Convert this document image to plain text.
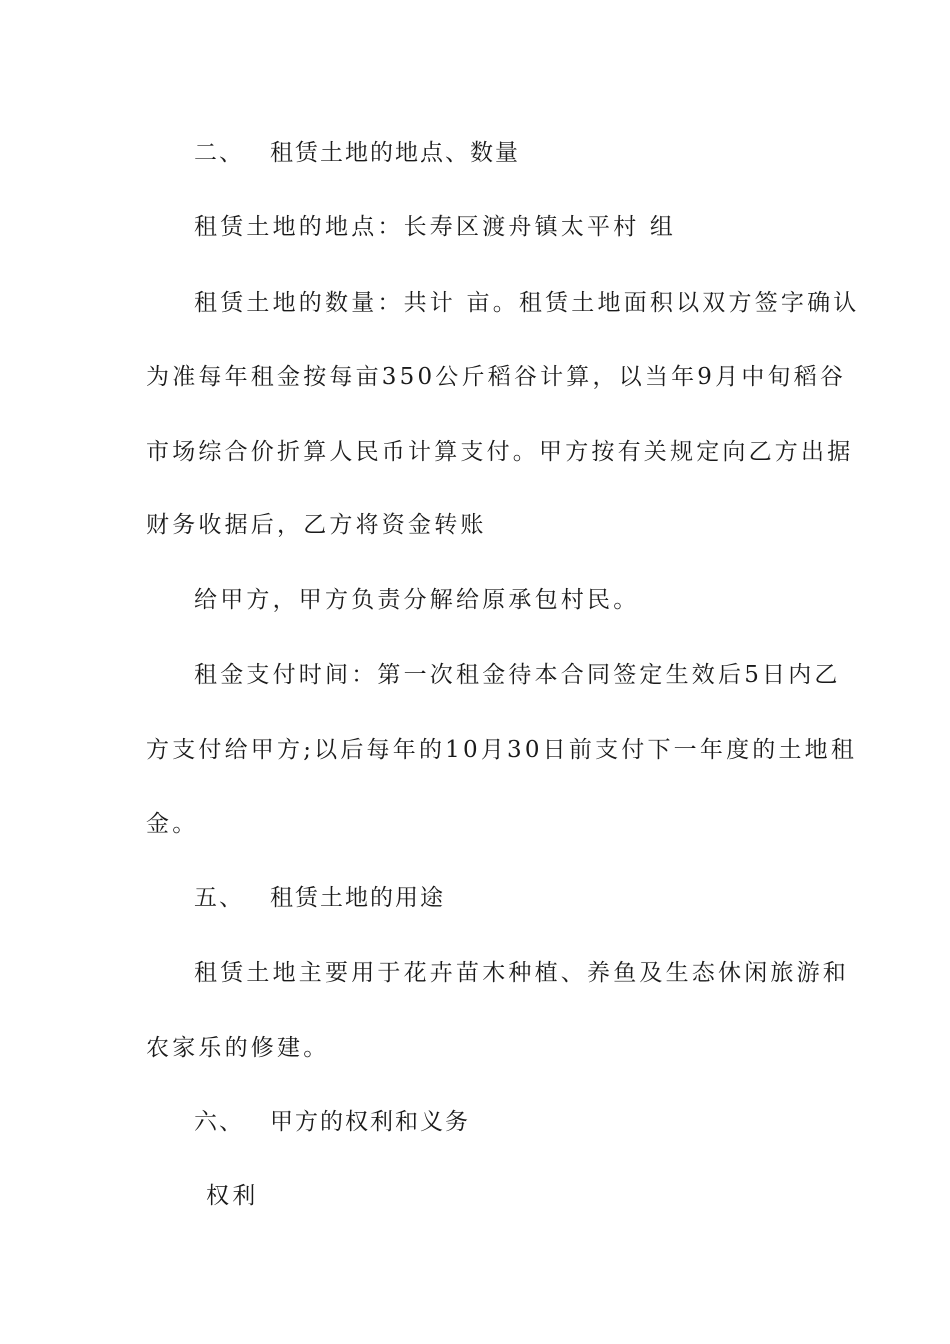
二、 租赁土地的地点、数量
租赁土地的地点：长寿区渡舟镇太平村 组
租赁土地的数量：共计 亩。租赁土地面积以双方签字确认
为准每年租金按每亩350公斤稻谷计算，以当年9月中旬稻谷
市场综合价折算人民币计算支付。甲方按有关规定向乙方出据
财务收据后，乙方将资金转账
给甲方，甲方负责分解给原承包村民。
租金支付时间：第一次租金待本合同签定生效后5日内乙
方支付给甲方;以后每年的10月30日前支付下一年度的土地租
金。
五、 租赁土地的用途
租赁土地主要用于花卉苗木种植、养鱼及生态休闲旅游和
农家乐的修建。
六、 甲方的权利和义务
权利
